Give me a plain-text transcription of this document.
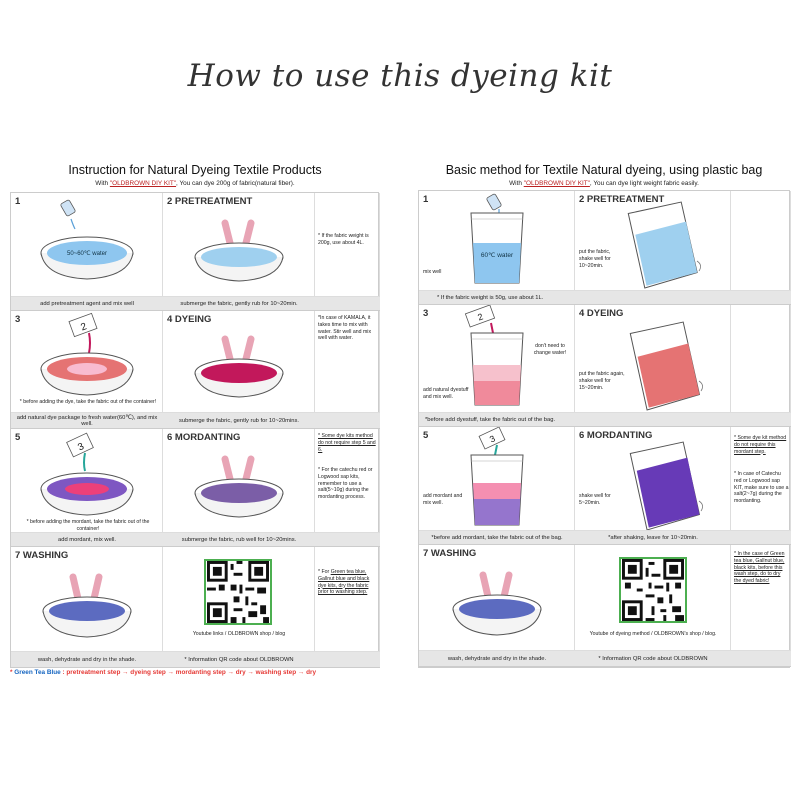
How to use this dyeing kit
Instruction for Natural Dyeing Textile Products
With "OLDBROWN DIY KIT", You can dye 200g of fabric(natural fiber).
1
50~60℃ water
2 PRETREATMENT
* If the fabric weight is 200g, use about 4L.
add pretreatment agent and mix well	submerge the fabric, gently rub for 10~20min.
3
2
* before adding the dye, take the fabric out of the container!
4 DYEING	*In case of KAMALA, it takes time to mix with water. Stir well and mix well with water.
add natural dye package to fresh water(60℃), and mix well.	submerge the fabric, gently rub for 10~20mins.
5
3
* before adding the mordant, take the fabric out of the container!
6 MORDANTING	* Some dye kits method do not require step 5 and 6.
* For the catechu red or Logwood sap kits, remember to use a salt(5~10g) during the mordanting process.
add mordant, mix well.	submerge the fabric, rub well for 10~20mins.
7 WASHING
Youtube links / OLDBROWN shop / blog
* For Green tea blue, Gallnut blue and black dye kits, dry the fabric prior to washing step.
wash, dehydrate and dry in the shade.	* Information QR code about OLDBROWN
* Green Tea Blue : pretreatment step → dyeing step → mordanting step → dry → washing step → dry
Basic method for Textile Natural dyeing, using plastic bag
With "OLDBROWN DIY KIT", You can dye light weight fabric easily.
1
60℃ water
mix well
2 PRETREATMENT
put the fabric, shake well for 10~20min.
* If the fabric weight is 50g, use about 1L.
3	2
don't need to change water!
add natural dyestuff and mix well.
4 DYEING
put the fabric again, shake well for 15~20min.
*before add dyestuff, take the fabric out of the bag.
5	3
add mordant and mix well.
6 MORDANTING
shake well for 5~20min.
* Some dye kit method do not require this mordant step.
* In case of Catechu red or Logwood sap KIT, make sure to use a salt(2~7g) during the mordanting.
*before add mordant, take the fabric out of the bag.	*after shaking, leave for 10~20min.
7 WASHING
Youtube of dyeing method / OLDBROWN's shop / blog.
* In the case of Green tea blue, Gallnut blue, black kits, before this wash step, do to dry the dyed fabric!
wash, dehydrate and dry in the shade.	* Information QR code about OLDBROWN
